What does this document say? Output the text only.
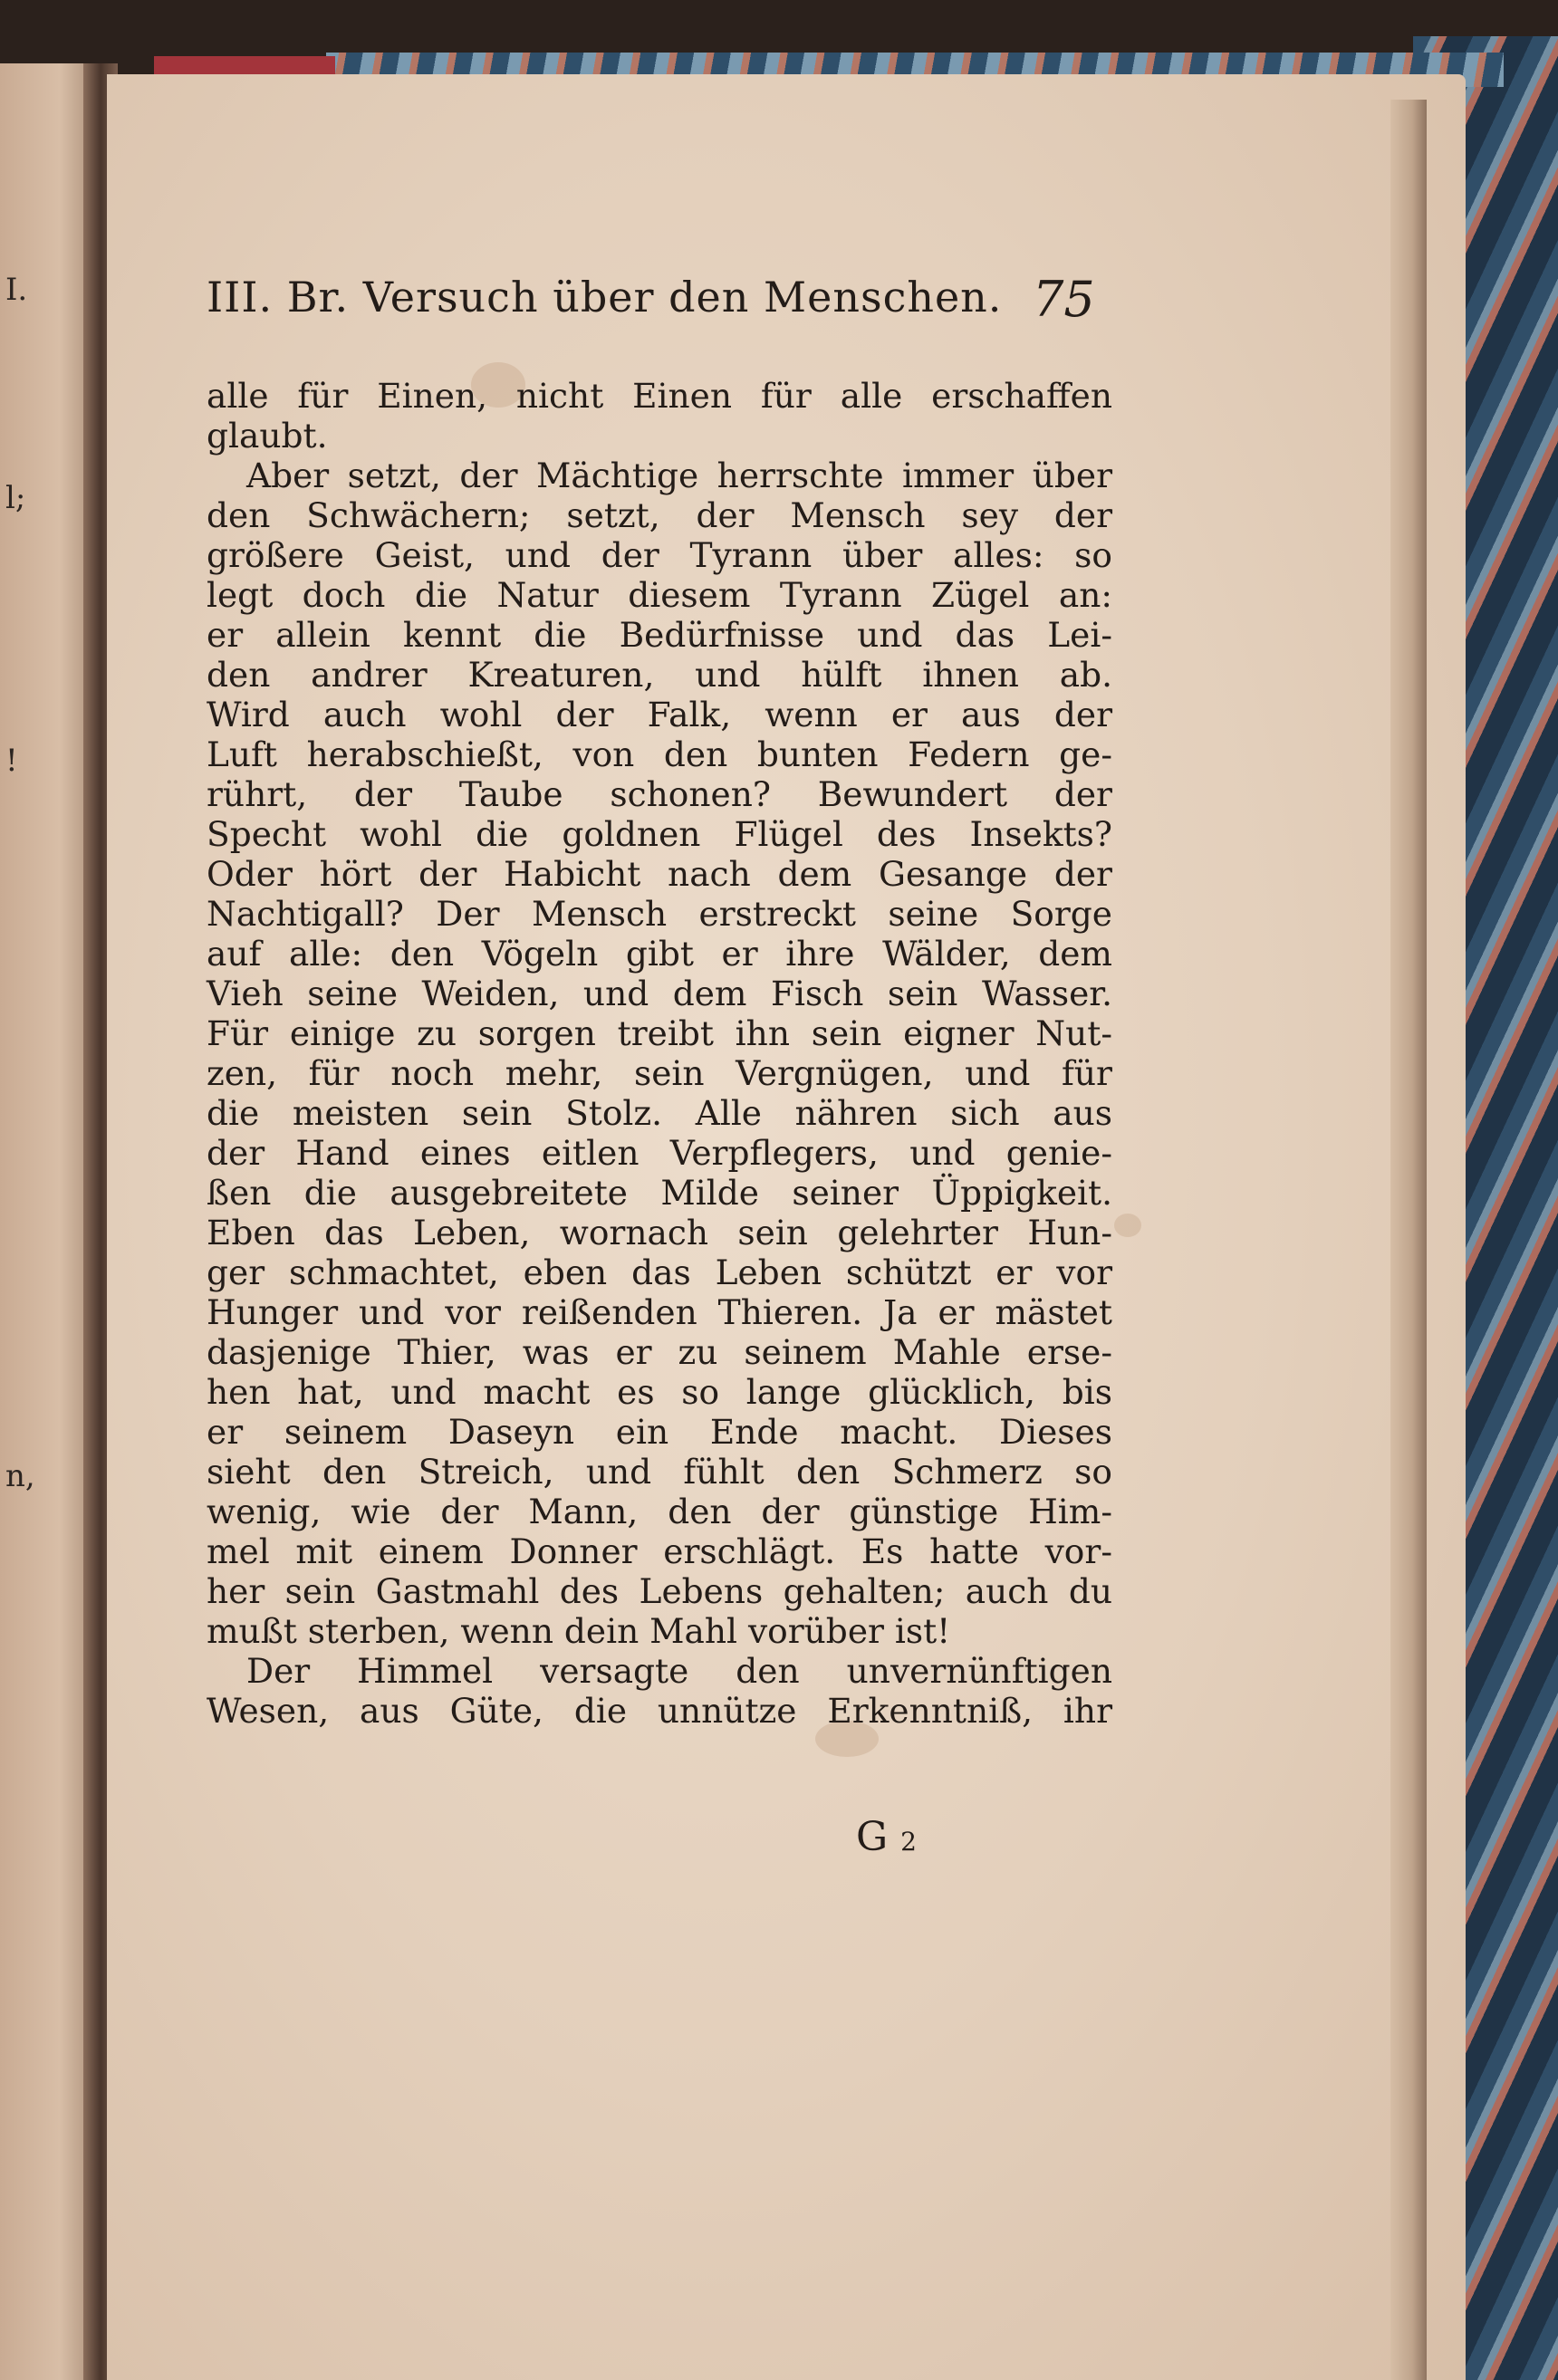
I.
l;
!
n,
III. Br. Versuch über den Menschen. 75
alle für Einen, nicht Einen für alle erschaffen
glaubt.
Aber setzt, der Mächtige herrschte immer über
den Schwächern; setzt, der Mensch sey der
größere Geist, und der Tyrann über alles: so
legt doch die Natur diesem Tyrann Zügel an:
er allein kennt die Bedürfnisse und das Lei-
den andrer Kreaturen, und hülft ihnen ab.
Wird auch wohl der Falk, wenn er aus der
Luft herabschießt, von den bunten Federn ge-
rührt, der Taube schonen? Bewundert der
Specht wohl die goldnen Flügel des Insekts?
Oder hört der Habicht nach dem Gesange der
Nachtigall? Der Mensch erstreckt seine Sorge
auf alle: den Vögeln gibt er ihre Wälder, dem
Vieh seine Weiden, und dem Fisch sein Wasser.
Für einige zu sorgen treibt ihn sein eigner Nut-
zen, für noch mehr, sein Vergnügen, und für
die meisten sein Stolz. Alle nähren sich aus
der Hand eines eitlen Verpflegers, und genie-
ßen die ausgebreitete Milde seiner Üppigkeit.
Eben das Leben, wornach sein gelehrter Hun-
ger schmachtet, eben das Leben schützt er vor
Hunger und vor reißenden Thieren. Ja er mästet
dasjenige Thier, was er zu seinem Mahle erse-
hen hat, und macht es so lange glücklich, bis
er seinem Daseyn ein Ende macht. Dieses
sieht den Streich, und fühlt den Schmerz so
wenig, wie der Mann, den der günstige Him-
mel mit einem Donner erschlägt. Es hatte vor-
her sein Gastmahl des Lebens gehalten; auch du
mußt sterben, wenn dein Mahl vorüber ist!
Der Himmel versagte den unvernünftigen
Wesen, aus Güte, die unnütze Erkenntniß, ihr
G 2
